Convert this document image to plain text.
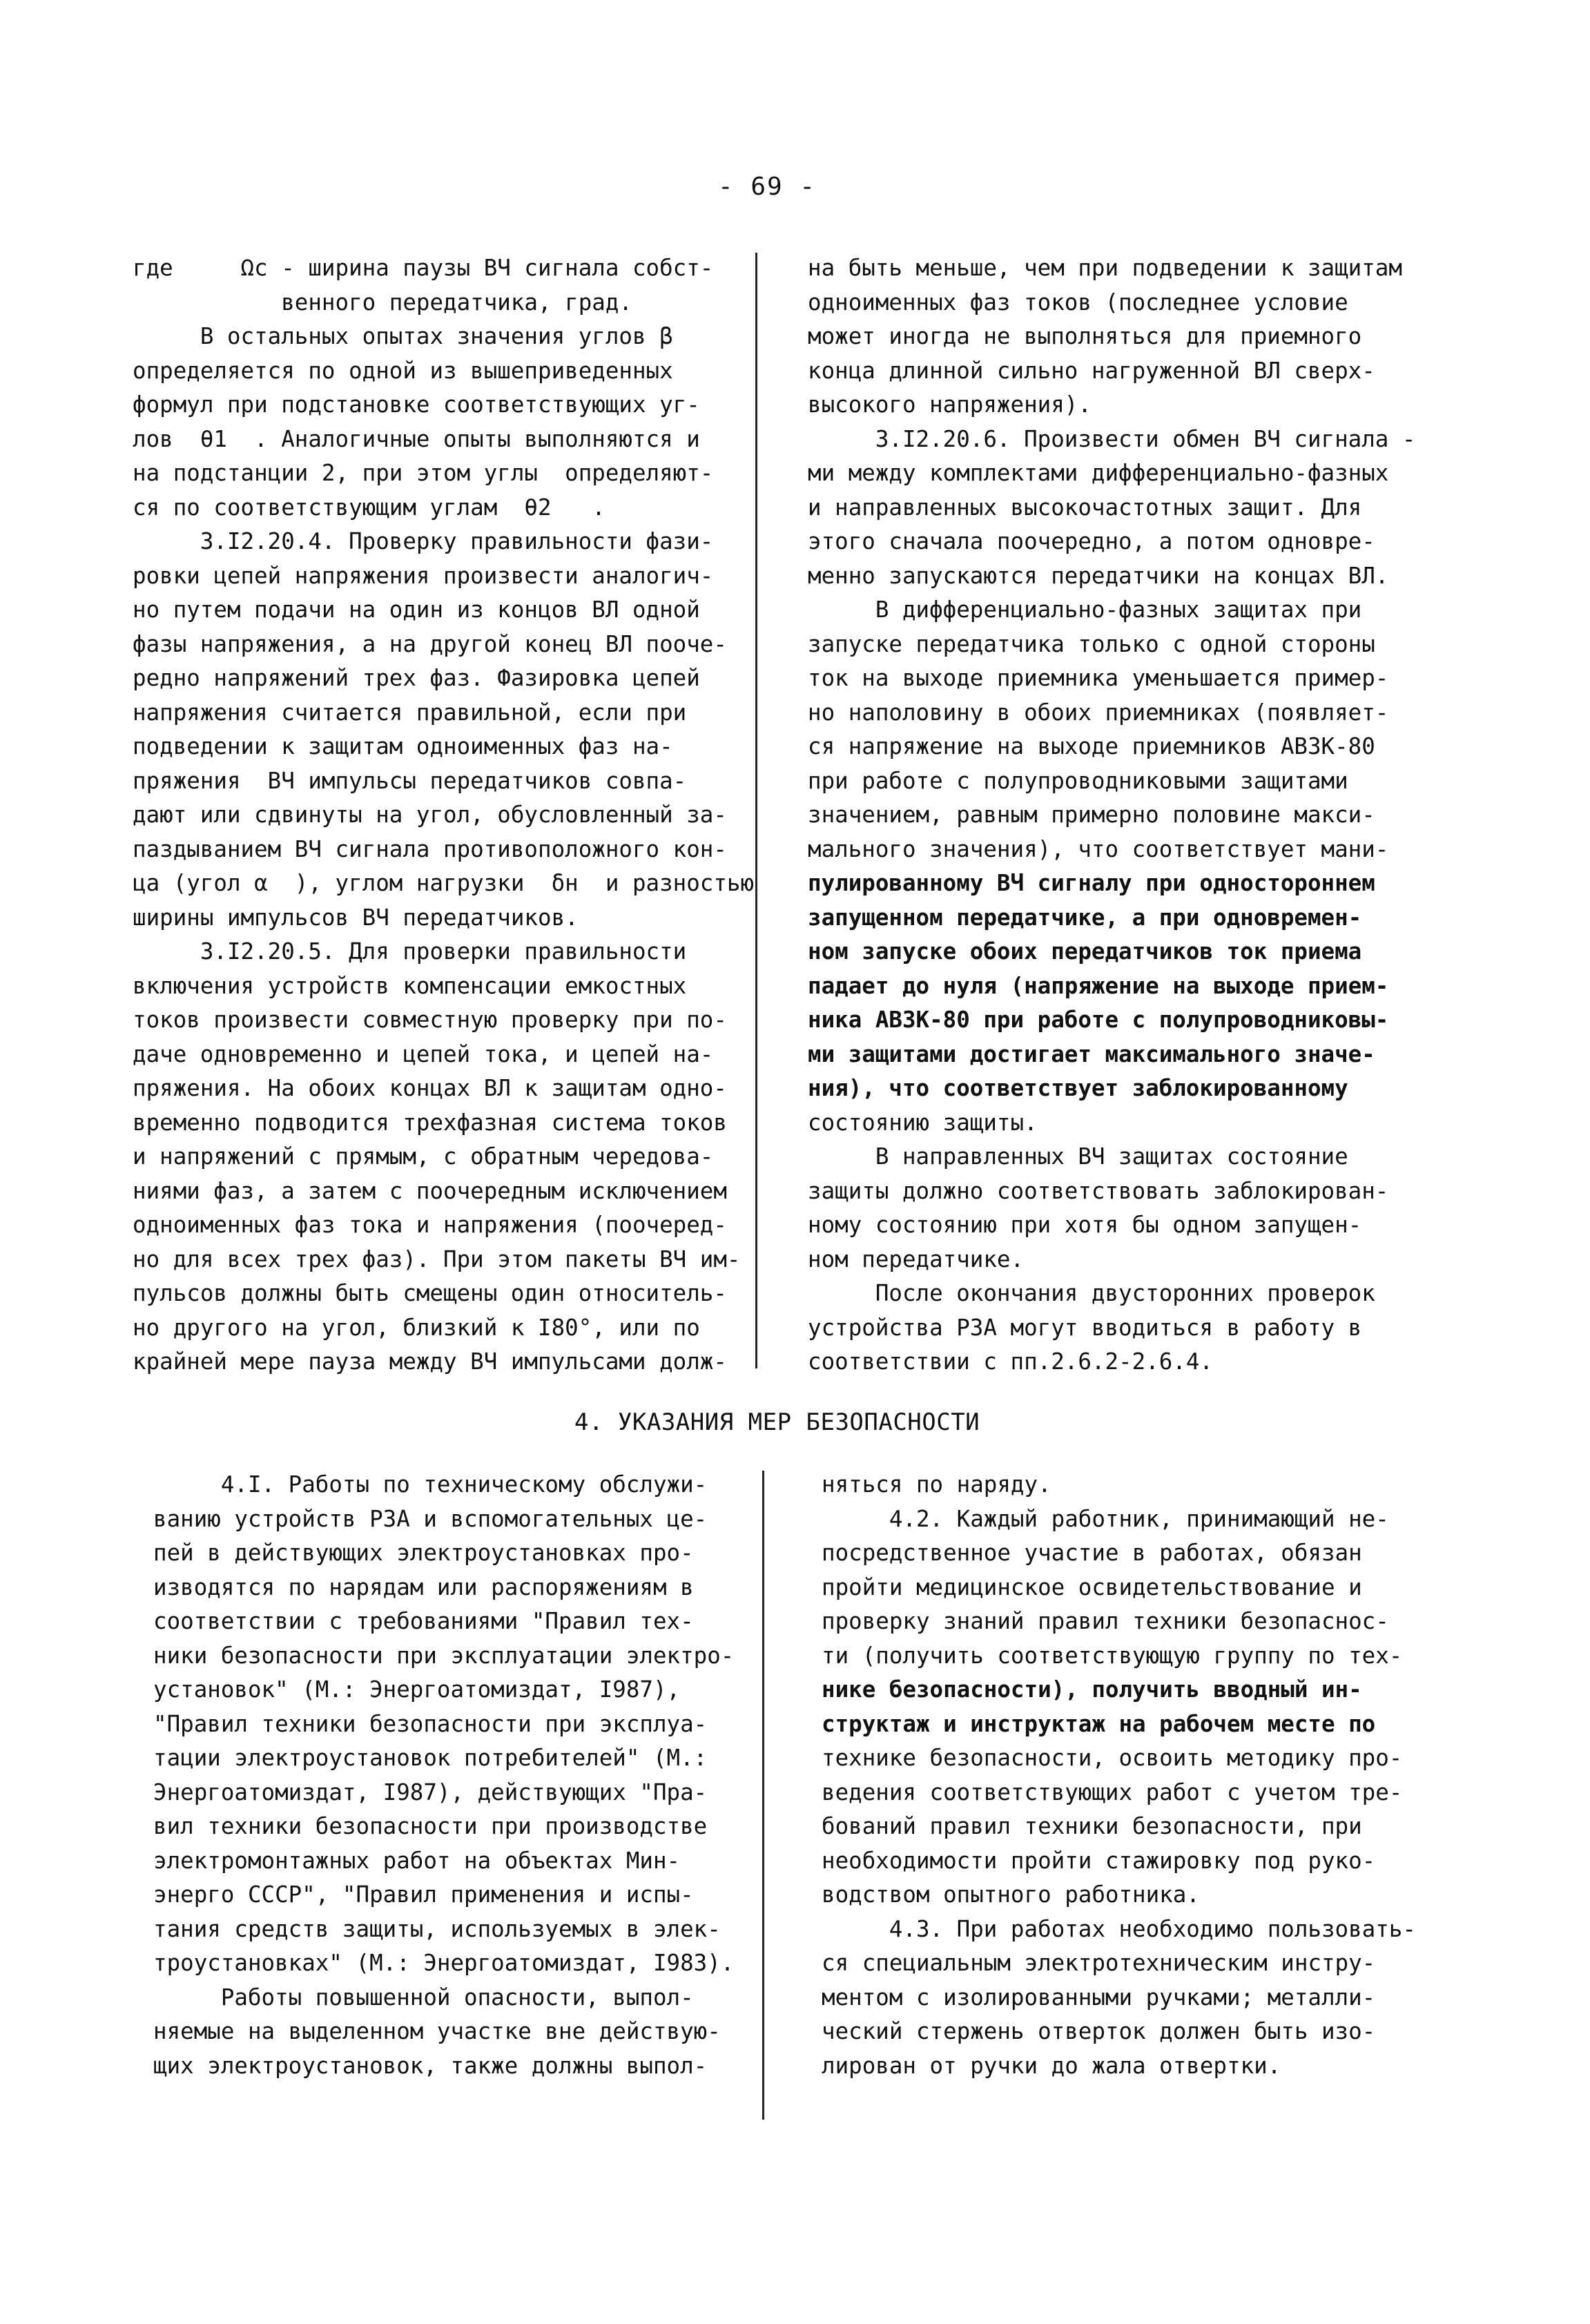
- 69 -

где     Ωc - ширина паузы ВЧ сигнала собст-

венного передатчика, град.

В остальных опытах значения углов β

определяется по одной из вышеприведенных

формул при подстановке соответствующих уг-

лов  θ1  . Аналогичные опыты выполняются и

на подстанции 2, при этом углы  определяют-

ся по соответствующим углам  θ2   .

3.I2.20.4. Проверку правильности фази-

ровки цепей напряжения произвести аналогич-

но путем подачи на один из концов ВЛ одной

фазы напряжения, а на другой конец ВЛ поoче-

редно напряжений трех фаз. Фазировка цепей

напряжения считается правильной, если при

подведении к защитам одноименных фаз на-

пряжения  ВЧ импульсы передатчиков совпа-

дают или сдвинуты на угол, обусловленный за-

паздыванием ВЧ сигнала противоположного кон-

ца (угол α  ), углом нагрузки  δн  и разностью

ширины импульсов ВЧ передатчиков.

3.I2.20.5. Для проверки правильности

включения устройств компенсации емкостных

токов произвести совместную проверку при по-

даче одновременно и цепей тока, и цепей на-

пряжения. На обоих концах ВЛ к защитам одно-

временно подводится трехфазная система токов

и напряжений с прямым, с обратным чередова-

ниями фаз, а затем с поочередным исключением

одноименных фаз тока и напряжения (поочеред-

но для всех трех фаз). При этом пакеты ВЧ им-

пульсов должны быть смещены один относитель-

но другого на угол, близкий к I80°, или по

крайней мере пауза между ВЧ импульсами долж-

на быть меньше, чем при подведении к защитам

одноименных фаз токов (последнее условие

может иногда не выполняться для приемного

конца длинной сильно нагруженной ВЛ сверх-

высокого напряжения).

3.I2.20.6. Произвести обмен ВЧ сигнала -

ми между комплектами дифференциально-фазных

и направленных высокочастотных защит. Для

этого сначала поочередно, а потом одновре-

менно запускаются передатчики на концах ВЛ.

В дифференциально-фазных защитах при

запуске передатчика только с одной стороны

ток на выходе приемника уменьшается пример-

но наполовину в обоих приемниках (появляет-

ся напряжение на выходе приемников АВЗК-80

при работе с полупроводниковыми защитами

значением, равным примерно половине макси-

мального значения), что соответствует мани-

пулированному ВЧ сигналу при одностороннем

запущенном передатчике, а при одновремен-

ном запуске обоих передатчиков ток приема

падает до нуля (напряжение на выходе прием-

ника АВЗК-80 при работе с полупроводниковы-

ми защитами достигает максимального значе-

ния), что соответствует заблокированному

состоянию защиты.

В направленных ВЧ защитах состояние

защиты должно соответствовать заблокирован-

ному состоянию при хотя бы одном запущен-

ном передатчике.

После окончания двусторонних проверок

устройства РЗА могут вводиться в работу в

соответствии с пп.2.6.2-2.6.4.

4. УКАЗАНИЯ МЕР БЕЗОПАСНОСТИ

4.I. Работы по техническому обслужи-

ванию устройств РЗА и вспомогательных це-

пей в действующих электроустановках про-

изводятся по нарядам или распоряжениям в

соответствии с требованиями "Правил тех-

ники безопасности при эксплуатации электро-

установок" (М.: Энергоатомиздат, I987),

"Правил техники безопасности при эксплуа-

тации электроустановок потребителей" (М.:

Энергоатомиздат, I987), действующих "Пра-

вил техники безопасности при производстве

электромонтажных работ на объектах Мин-

энерго СССР", "Правил применения и испы-

тания средств защиты, используемых в элек-

троустановках" (М.: Энергоатомиздат, I983).

Работы повышенной опасности, выпол-

няемые на выделенном участке вне действую-

щих электроустановок, также должны выпол-

няться по наряду.

4.2. Каждый работник, принимающий не-

посредственное участие в работах, обязан

пройти медицинское освидетельствование и

проверку знаний правил техники безопаснос-

ти (получить соответствующую группу по тех-

нике безопасности), получить вводный ин-

структаж и инструктаж на рабочем месте по

технике безопасности, освоить методику про-

ведения соответствующих работ с учетом тре-

бований правил техники безопасности, при

необходимости пройти стажировку под руко-

водством опытного работника.

4.3. При работах необходимо пользовать-

ся специальным электротехническим инстру-

ментом с изолированными ручками; металли-

ческий стержень отверток должен быть изо-

лирован от ручки до жала отвертки.
